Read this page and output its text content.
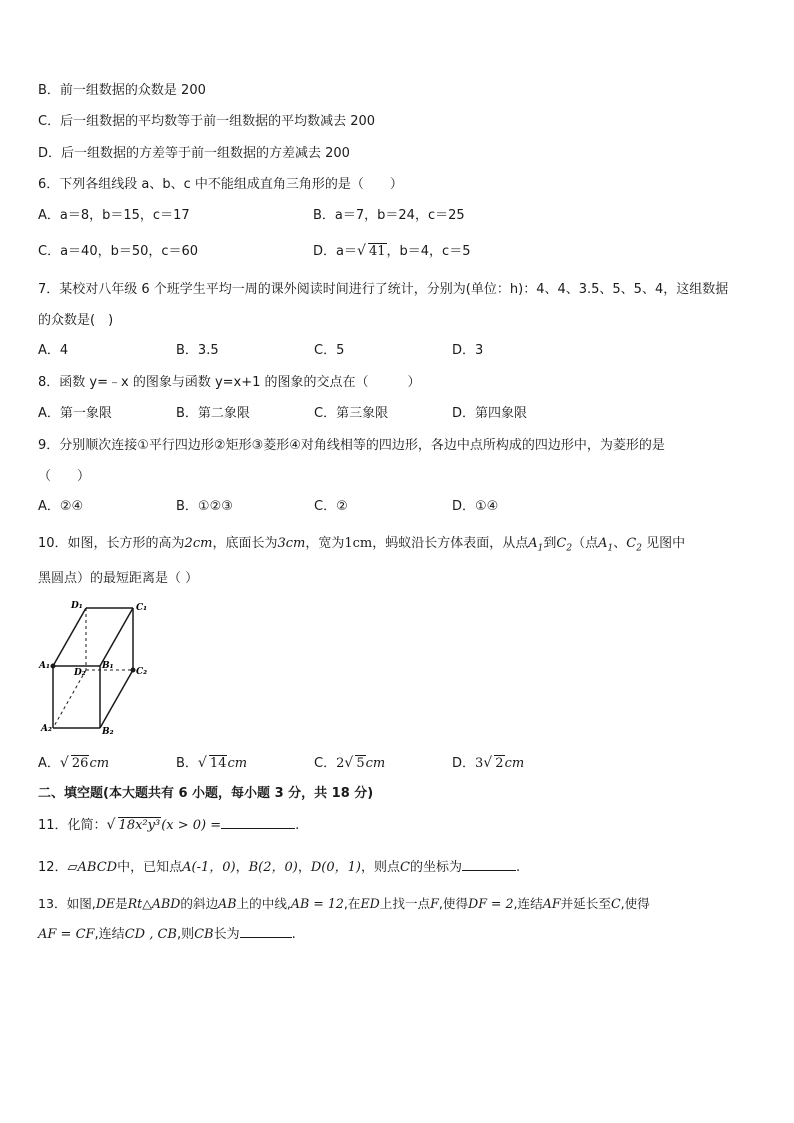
B．前一组数据的众数是 200
C．后一组数据的平均数等于前一组数据的平均数减去 200
D．后一组数据的方差等于前一组数据的方差减去 200
6．下列各组线段 a、b、c 中不能组成直角三角形的是（　　）
A．a＝8，b＝15，c＝17	B．a＝7，b＝24，c＝25
C．a＝40，b＝50，c＝60	D．a＝ √ 41，b＝4，c＝5
7．某校对八年级 6 个班学生平均一周的课外阅读时间进行了统计，分别为(单位：h)：4、4、3.5、5、5、4，这组数据
的众数是(　)
A．4	B．3.5	C．5	D．3
8．函数 y=﹣x 的图象与函数 y=x+1 的图象的交点在（　　　）
A．第一象限	B．第二象限	C．第三象限	D．第四象限
9．分别顺次连接①平行四边形②矩形③菱形④对角线相等的四边形，各边中点所构成的四边形中，为菱形的是
（　　）
A．②④	B．①②③	C．②	D．①④
10．如图，长方形的高为2cm，底面长为3cm，宽为1cm，蚂蚁沿长方体表面，从点$A_1$到$C_2$（点$A_1$、$C_2$ 见图中
黑圆点）的最短距离是（ ）
D₁	C₁
A₁	B₁
C₂
D₂
A₂	B₂
A． √ 26cm	B． √ 14cm	C．2 √ 5cm	D．3 √ 2cm
二、填空题(本大题共有 6 小题，每小题 3 分，共 18 分)
11．化简： √ 18x²y³(x > 0) =	.
12．▱ABCD中，已知点A(-1，0)，B(2，0)，D(0，1)，则点C的坐标为	.
13．如图,DE是Rt△ABD的斜边AB上的中线,AB = 12,在ED上找一点F,使得DF = 2,连结AF并延长至C,使得
AF = CF,连结CD , CB,则CB长为	.
